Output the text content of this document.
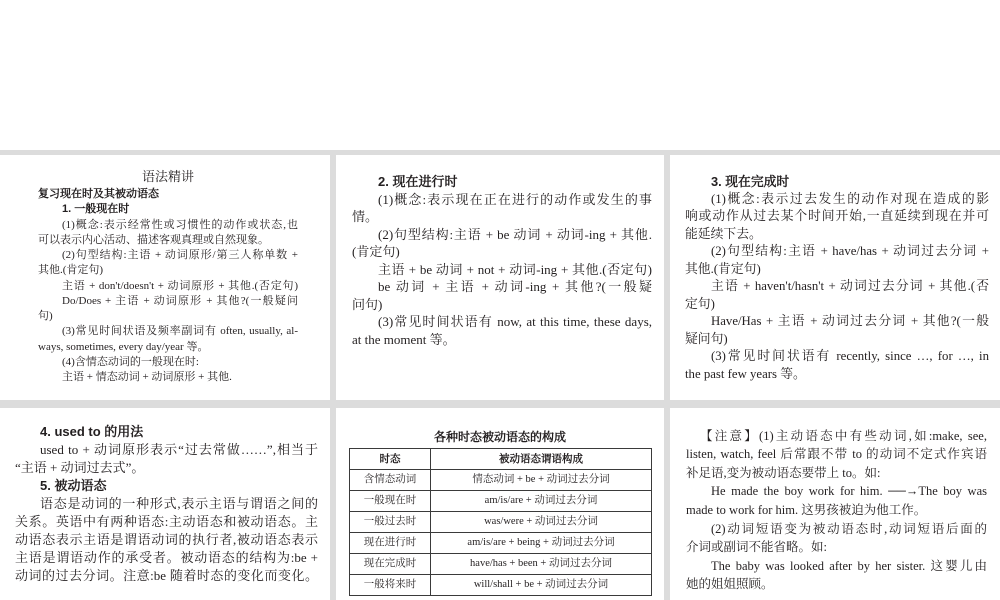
语法精讲
复习现在时及其被动语态
1. 一般现在时
(1)概念:表示经常性或习惯性的动作或状态,也
可以表示内心活动、描述客观真理或自然现象。
(2)句型结构:主语 + 动词原形/第三人称单数 +
其他.(肯定句)
主语 + don't/doesn't + 动词原形 + 其他.(否定句)
Do/Does + 主语 + 动词原形 + 其他?(一般疑问
句)
(3)常见时间状语及频率副词有 often, usually, al-
ways, sometimes, every day/year 等。
(4)含情态动词的一般现在时:
主语 + 情态动词 + 动词原形 + 其他.
2. 现在进行时
(1)概念:表示现在正在进行的动作或发生的事
情。
(2)句型结构:主语 + be 动词 + 动词-ing + 其他.
(肯定句)
主语 + be 动词 + not + 动词-ing + 其他.(否定句)
be 动词 + 主语 + 动词-ing + 其他?(一般疑
问句)
(3)常见时间状语有 now, at this time, these days,
at the moment 等。
3. 现在完成时
(1)概念:表示过去发生的动作对现在造成的影
响或动作从过去某个时间开始,一直延续到现在并可
能延续下去。
(2)句型结构:主语 + have/has + 动词过去分词 +
其他.(肯定句)
主语 + haven't/hasn't + 动词过去分词 + 其他.(否
定句)
Have/Has + 主语 + 动词过去分词 + 其他?(一般
疑问句)
(3)常见时间状语有 recently, since …, for …, in
the past few years 等。
4. used to 的用法
used to + 动词原形表示“过去常做……”,相当于
“主语 + 动词过去式”。
5. 被动语态
语态是动词的一种形式,表示主语与谓语之间的
关系。英语中有两种语态:主动语态和被动语态。主
动语态表示主语是谓语动词的执行者,被动语态表示
主语是谓语动作的承受者。被动语态的结构为:be +
动词的过去分词。注意:be 随着时态的变化而变化。
各种时态被动语态的构成
时态	被动语态谓语构成
含情态动词	情态动词 + be + 动词过去分词
一般现在时	am/is/are + 动词过去分词
一般过去时	was/were + 动词过去分词
现在进行时	am/is/are + being + 动词过去分词
现在完成时	have/has + been + 动词过去分词
一般将来时	will/shall + be + 动词过去分词
【注意】(1)主动语态中有些动词,如:make, see,
listen, watch, feel 后常跟不带 to 的动词不定式作宾语
补足语,变为被动语态要带上 to。如:
He made the boy work for him. ──→The boy was
made to work for him. 这男孩被迫为他工作。
(2)动词短语变为被动语态时,动词短语后面的
介词或副词不能省略。如:
The baby was looked after by her sister. 这婴儿由
她的姐姐照顾。
